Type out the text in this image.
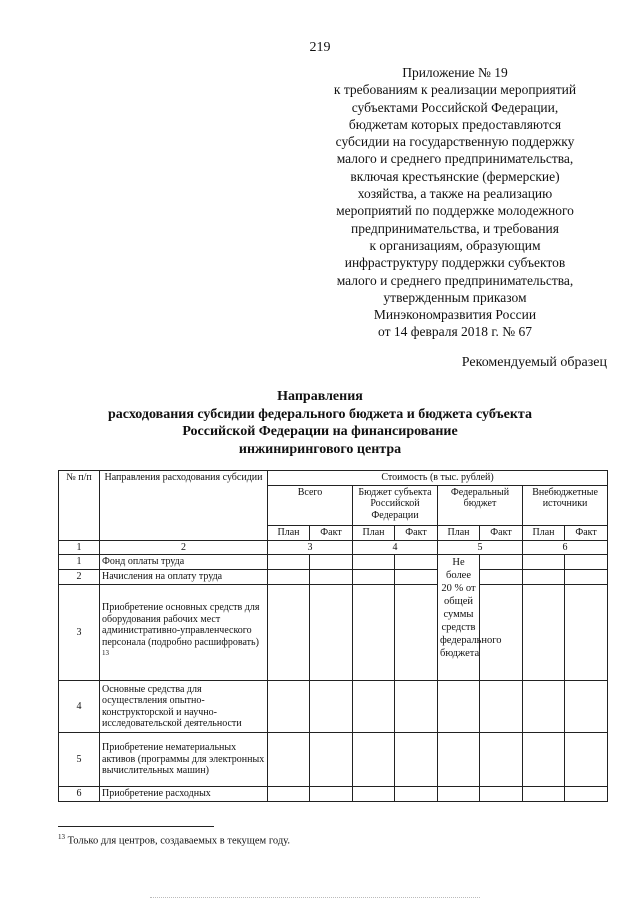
219
Приложение № 19
к требованиям к реализации мероприятий
субъектами Российской Федерации,
бюджетам которых предоставляются
субсидии на государственную поддержку
малого и среднего предпринимательства,
включая крестьянские (фермерские)
хозяйства, а также на реализацию
мероприятий по поддержке молодежного
предпринимательства, и требования
к организациям, образующим
инфраструктуру поддержки субъектов
малого и среднего предпринимательства,
утвержденным приказом
Минэкономразвития России
от 14 февраля 2018 г. № 67
Рекомендуемый образец
Направления
расходования субсидии федерального бюджета и бюджета субъекта
Российской Федерации на финансирование
инжинирингового центра
№ п/п	Направления расходования субсидии	Стоимость (в тыс. рублей)							
		Всего		Бюджет субъекта Российской Федерации		Федеральный бюджет		Внебюджетные источники	
		План	Факт	План	Факт	План	Факт	План	Факт
1	2	3		4		5		6	
1	Фонд оплаты труда					Не более 20 % от общей суммы средств федерального бюджета			
2	Начисления на оплату труда								
3	Приобретение основных средств для оборудования рабочих мест административно-управленческого персонала (подробно расшифровать) $^{13}$							
4	Основные средства для осуществления опытно-конструкторской и научно-исследовательской деятельности								
5	Приобретение нематериальных активов (программы для электронных вычислительных машин)								
6	Приобретение расходных								
$^{13}$ Только для центров, создаваемых в текущем году.
